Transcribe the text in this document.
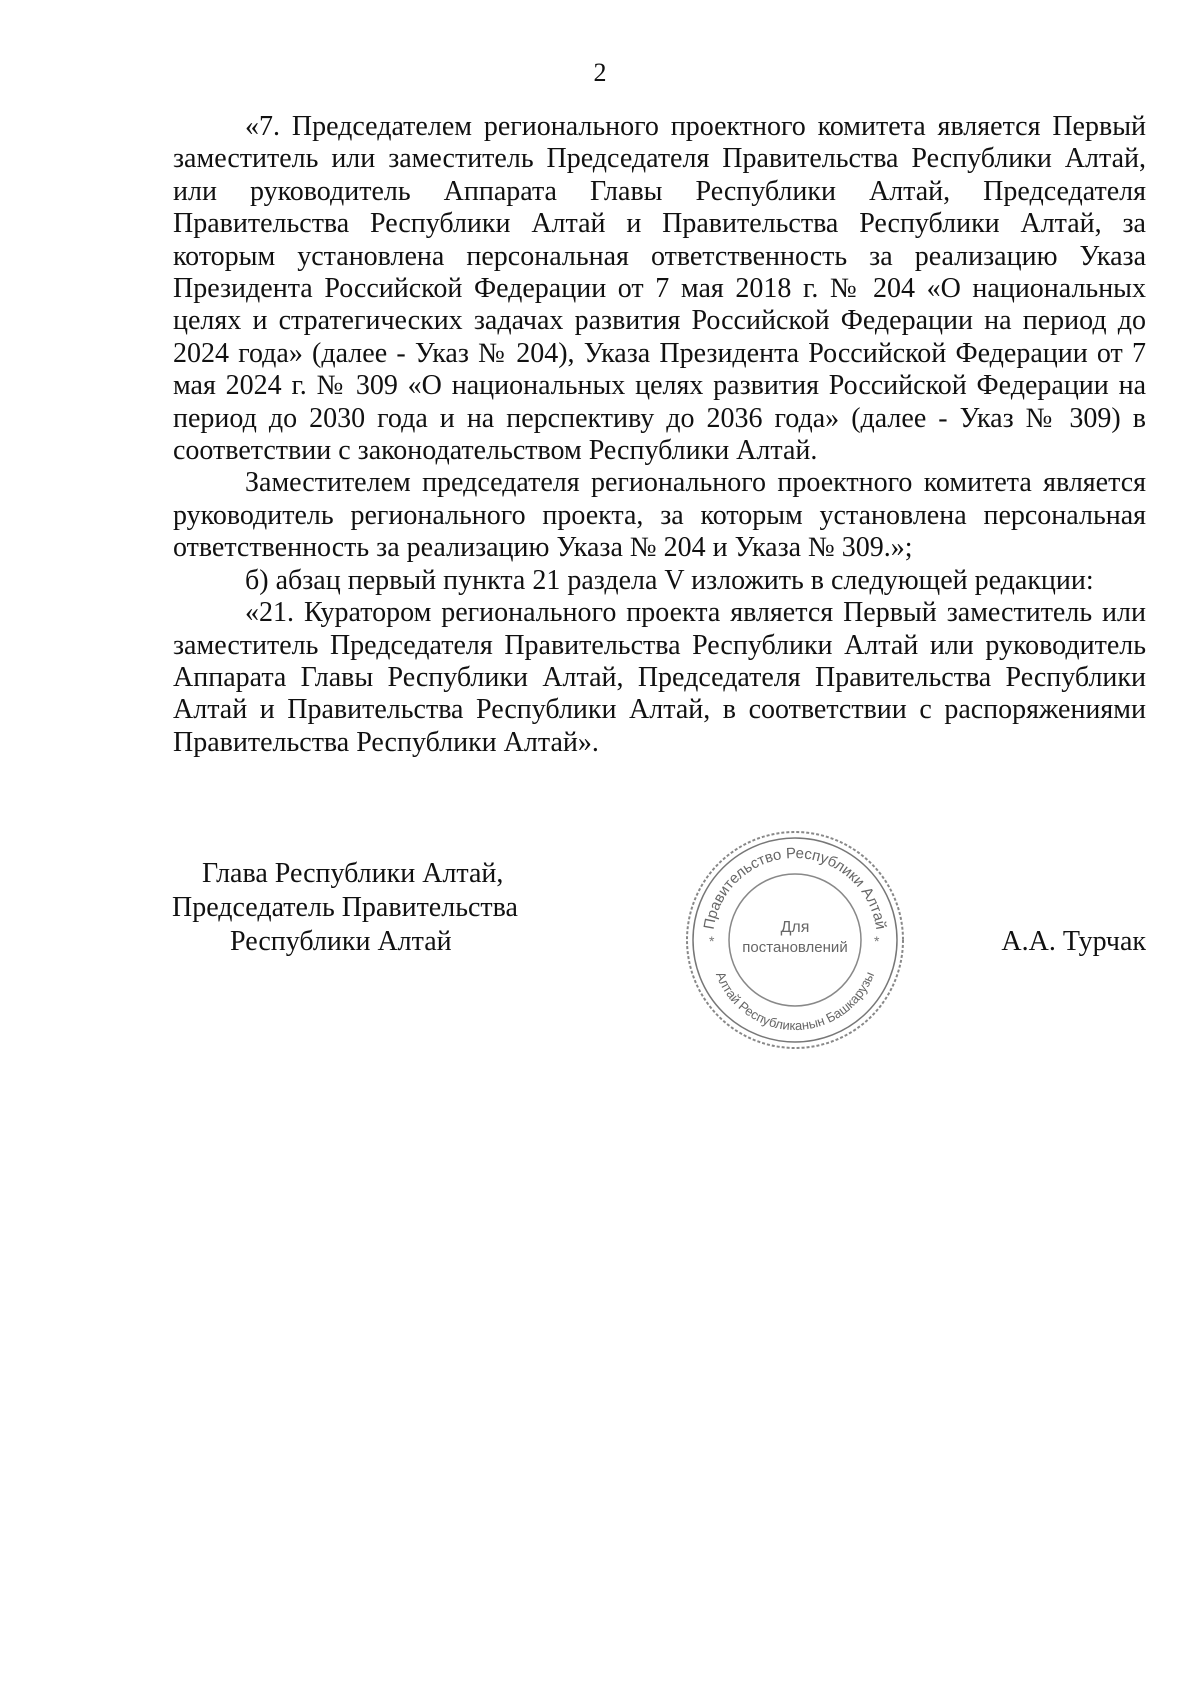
2

«7. Председателем регионального проектного комитета является Первый заместитель или заместитель Председателя Правительства Республики Алтай, или руководитель Аппарата Главы Республики Алтай, Председателя Правительства Республики Алтай и Правительства Республики Алтай, за которым установлена персональная ответственность за реализацию Указа Президента Российской Федерации от 7 мая 2018 г. № 204 «О национальных целях и стратегических задачах развития Российской Федерации на период до 2024 года» (далее - Указ № 204), Указа Президента Российской Федерации от 7 мая 2024 г. № 309 «О национальных целях развития Российской Федерации на период до 2030 года и на перспективу до 2036 года» (далее - Указ № 309) в соответствии с законодательством Республики Алтай.

Заместителем председателя регионального проектного комитета является руководитель регионального проекта, за которым установлена персональная ответственность за реализацию Указа № 204 и Указа № 309.»;

б) абзац первый пункта 21 раздела V изложить в следующей редакции:

«21. Куратором регионального проекта является Первый заместитель или заместитель Председателя Правительства Республики Алтай или руководитель Аппарата Главы Республики Алтай, Председателя Правительства Республики Алтай и Правительства Республики Алтай, в соответствии с распоряжениями Правительства Республики Алтай».

Глава Республики Алтай,
Председатель Правительства
Республики Алтай
Правительство Республики Алтай
Алтай Республиканын Башкарузы
*	*
Для
постановлений	А.А. Турчак
